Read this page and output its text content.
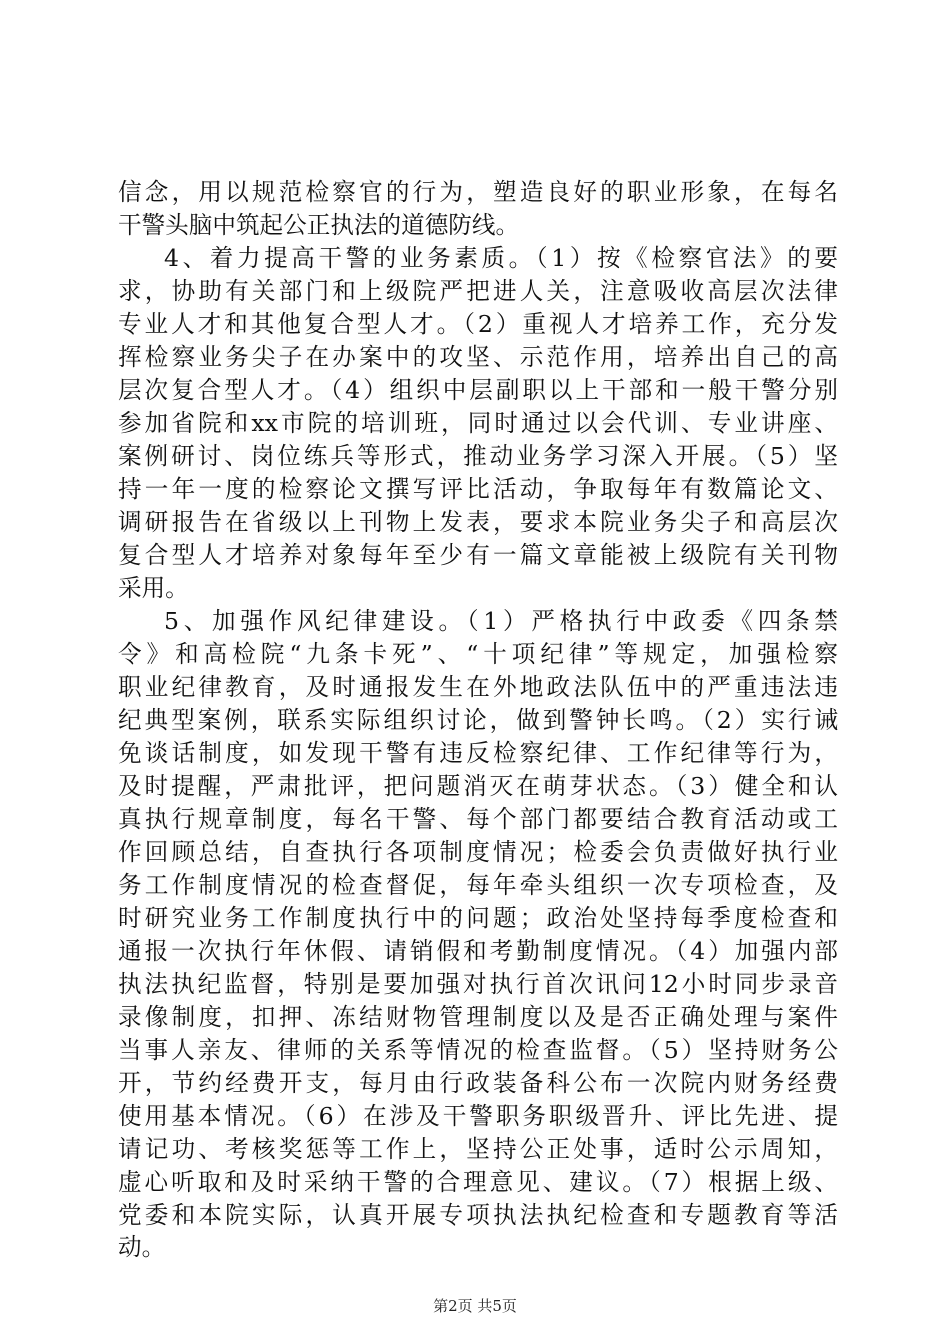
信念，用以规范检察官的行为，塑造良好的职业形象，在每名
干警头脑中筑起公正执法的道德防线。
4、着力提高干警的业务素质。（1）按《检察官法》的要
求，协助有关部门和上级院严把进人关，注意吸收高层次法律
专业人才和其他复合型人才。（2）重视人才培养工作，充分发
挥检察业务尖子在办案中的攻坚、示范作用，培养出自己的高
层次复合型人才。（4）组织中层副职以上干部和一般干警分别
参加省院和xx市院的培训班，同时通过以会代训、专业讲座、
案例研讨、岗位练兵等形式，推动业务学习深入开展。（5）坚
持一年一度的检察论文撰写评比活动，争取每年有数篇论文、
调研报告在省级以上刊物上发表，要求本院业务尖子和高层次
复合型人才培养对象每年至少有一篇文章能被上级院有关刊物
采用。
5、加强作风纪律建设。（1）严格执行中政委《四条禁
令》和高检院“九条卡死”、“十项纪律”等规定，加强检察
职业纪律教育，及时通报发生在外地政法队伍中的严重违法违
纪典型案例，联系实际组织讨论，做到警钟长鸣。（2）实行诫
免谈话制度，如发现干警有违反检察纪律、工作纪律等行为，
及时提醒，严肃批评，把问题消灭在萌芽状态。（3）健全和认
真执行规章制度，每名干警、每个部门都要结合教育活动或工
作回顾总结，自查执行各项制度情况；检委会负责做好执行业
务工作制度情况的检查督促，每年牵头组织一次专项检查，及
时研究业务工作制度执行中的问题；政治处坚持每季度检查和
通报一次执行年休假、请销假和考勤制度情况。（4）加强内部
执法执纪监督，特别是要加强对执行首次讯问12小时同步录音
录像制度，扣押、冻结财物管理制度以及是否正确处理与案件
当事人亲友、律师的关系等情况的检查监督。（5）坚持财务公
开，节约经费开支，每月由行政装备科公布一次院内财务经费
使用基本情况。（6）在涉及干警职务职级晋升、评比先进、提
请记功、考核奖惩等工作上，坚持公正处事，适时公示周知，
虚心听取和及时采纳干警的合理意见、建议。（7）根据上级、
党委和本院实际，认真开展专项执法执纪检查和专题教育等活
动。
第2页 共5页
